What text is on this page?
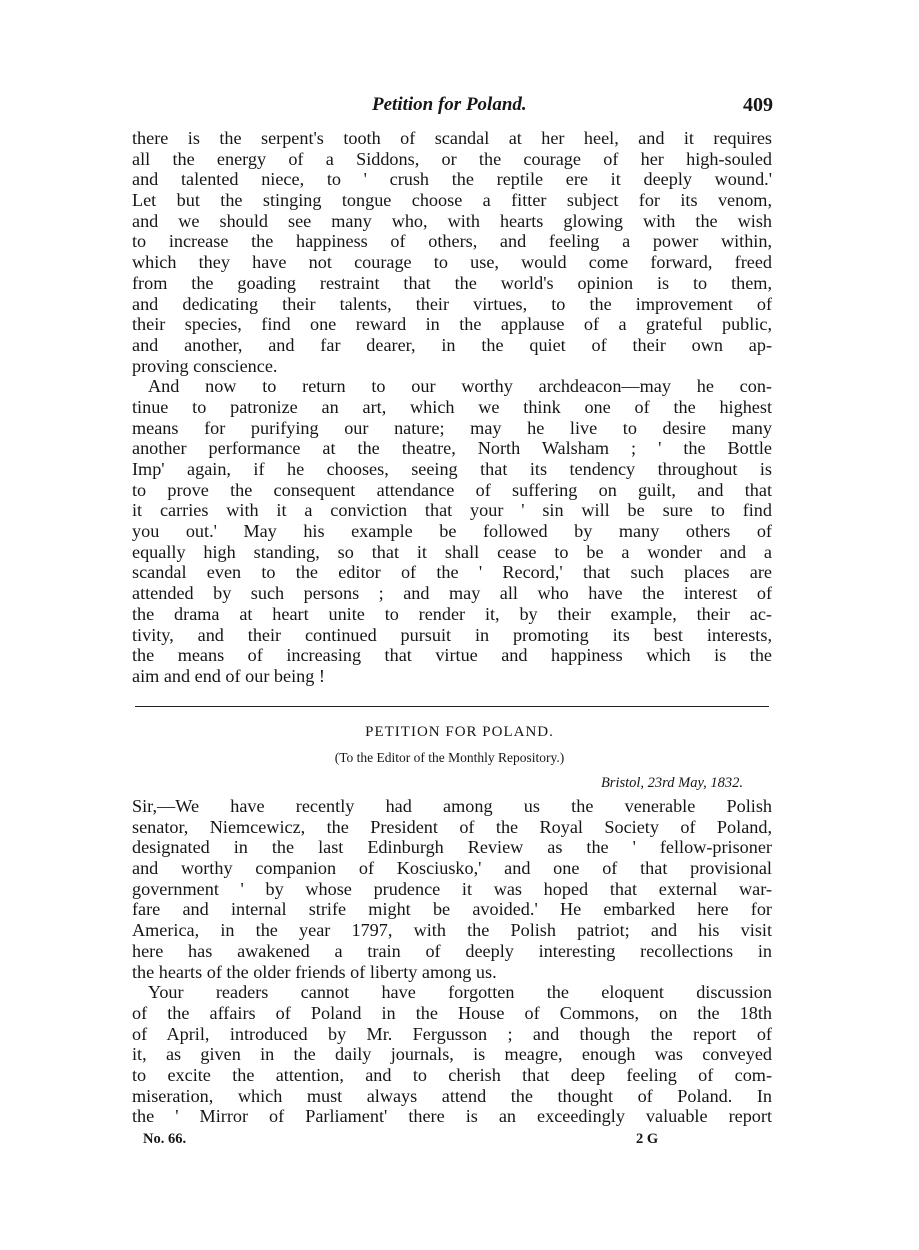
Petition for Poland.	409
there is the serpent's tooth of scandal at her heel, and it requires
all the energy of a Siddons, or the courage of her high-souled
and talented niece, to ' crush the reptile ere it deeply wound.'
Let but the stinging tongue choose a fitter subject for its venom,
and we should see many who, with hearts glowing with the wish
to increase the happiness of others, and feeling a power within,
which they have not courage to use, would come forward, freed
from the goading restraint that the world's opinion is to them,
and dedicating their talents, their virtues, to the improvement of
their species, find one reward in the applause of a grateful public,
and another, and far dearer, in the quiet of their own ap-
proving conscience.
And now to return to our worthy archdeacon—may he con-
tinue to patronize an art, which we think one of the highest
means for purifying our nature; may he live to desire many
another performance at the theatre, North Walsham ; ' the Bottle
Imp' again, if he chooses, seeing that its tendency throughout is
to prove the consequent attendance of suffering on guilt, and that
it carries with it a conviction that your ' sin will be sure to find
you out.' May his example be followed by many others of
equally high standing, so that it shall cease to be a wonder and a
scandal even to the editor of the ' Record,' that such places are
attended by such persons ; and may all who have the interest of
the drama at heart unite to render it, by their example, their ac-
tivity, and their continued pursuit in promoting its best interests,
the means of increasing that virtue and happiness which is the
aim and end of our being !
PETITION FOR POLAND.
(To the Editor of the Monthly Repository.)
Bristol, 23rd May, 1832.
Sir,—We have recently had among us the venerable Polish
senator, Niemcewicz, the President of the Royal Society of Poland,
designated in the last Edinburgh Review as the ' fellow-prisoner
and worthy companion of Kosciusko,' and one of that provisional
government ' by whose prudence it was hoped that external war-
fare and internal strife might be avoided.' He embarked here for
America, in the year 1797, with the Polish patriot; and his visit
here has awakened a train of deeply interesting recollections in
the hearts of the older friends of liberty among us.
Your readers cannot have forgotten the eloquent discussion
of the affairs of Poland in the House of Commons, on the 18th
of April, introduced by Mr. Fergusson ; and though the report of
it, as given in the daily journals, is meagre, enough was conveyed
to excite the attention, and to cherish that deep feeling of com-
miseration, which must always attend the thought of Poland. In
the ' Mirror of Parliament' there is an exceedingly valuable report
No. 66.	2 G
